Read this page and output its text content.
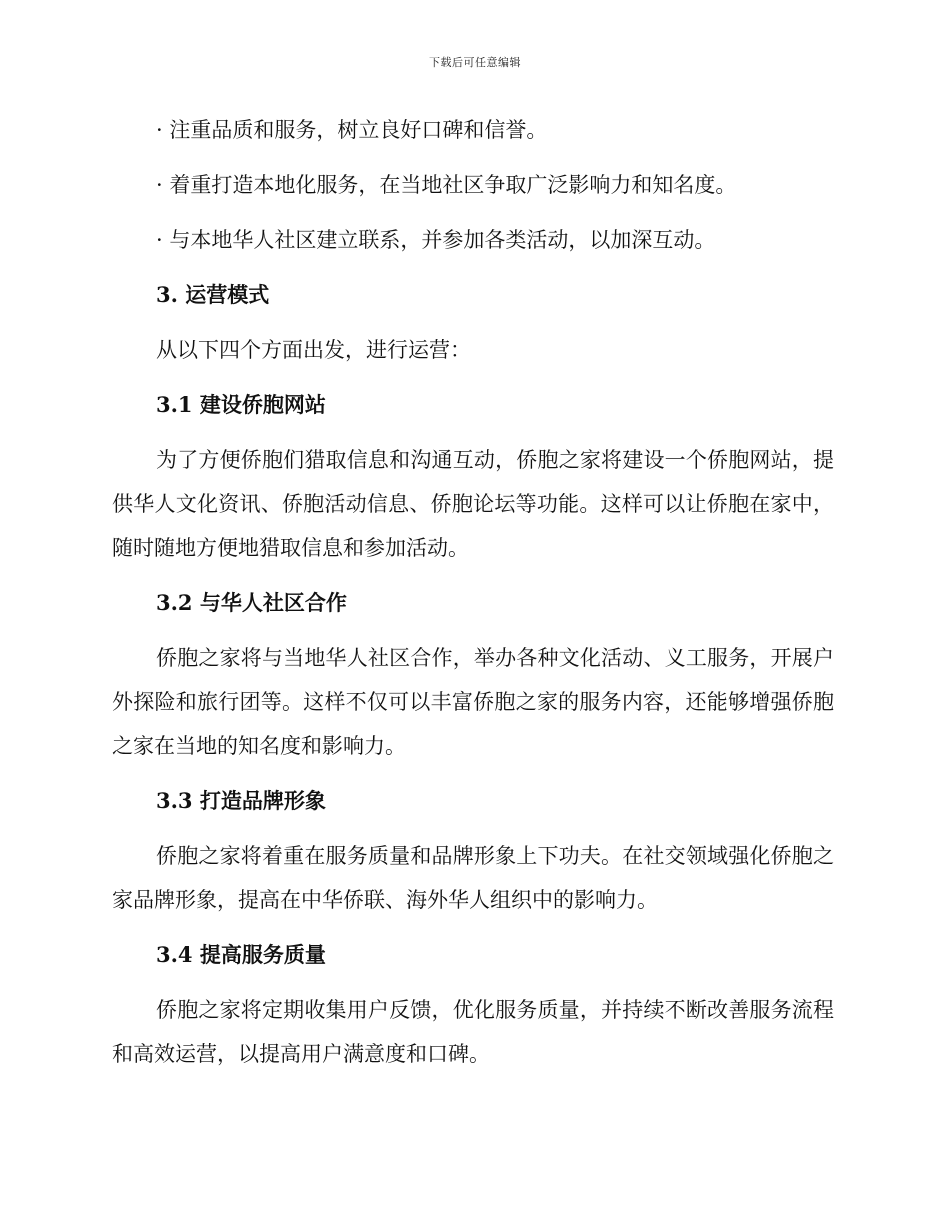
下载后可任意编辑
· 注重品质和服务，树立良好口碑和信誉。
· 着重打造本地化服务，在当地社区争取广泛影响力和知名度。
· 与本地华人社区建立联系，并参加各类活动，以加深互动。
3. 运营模式
从以下四个方面出发，进行运营：
3.1 建设侨胞网站

为了方便侨胞们猎取信息和沟通互动，侨胞之家将建设一个侨胞网站，提供华人文化资讯、侨胞活动信息、侨胞论坛等功能。这样可以让侨胞在家中，随时随地方便地猎取信息和参加活动。

3.2 与华人社区合作

侨胞之家将与当地华人社区合作，举办各种文化活动、义工服务，开展户外探险和旅行团等。这样不仅可以丰富侨胞之家的服务内容，还能够增强侨胞之家在当地的知名度和影响力。

3.3 打造品牌形象

侨胞之家将着重在服务质量和品牌形象上下功夫。在社交领域强化侨胞之家品牌形象，提高在中华侨联、海外华人组织中的影响力。

3.4 提高服务质量

侨胞之家将定期收集用户反馈，优化服务质量，并持续不断改善服务流程和高效运营，以提高用户满意度和口碑。
